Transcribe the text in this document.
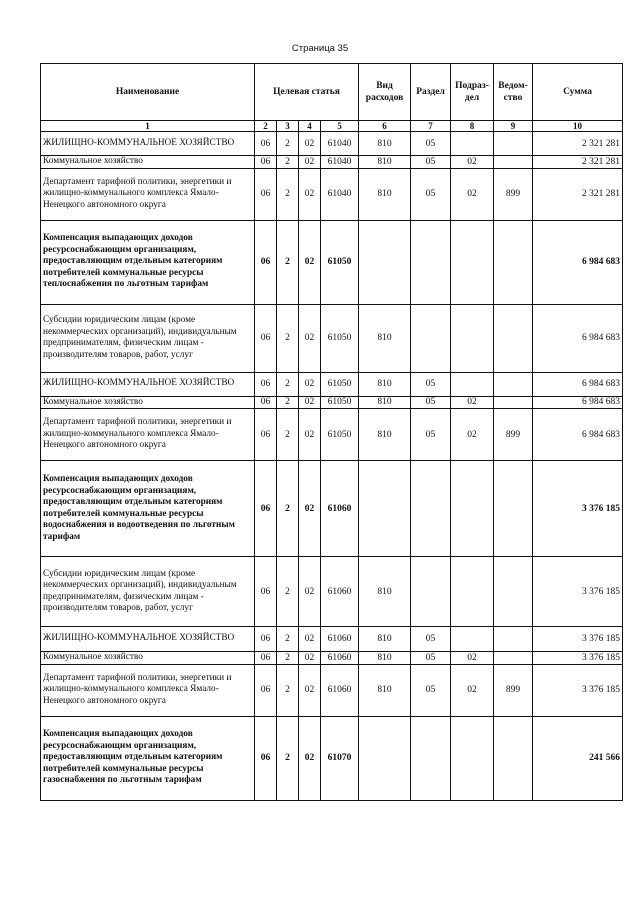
Страница 35
Наименование	Целевая статья				Вид расходов	Раздел	Подраз-дел	Ведом-ство	Сумма
1	2	3	4	5	6	7	8	9	10
ЖИЛИЩНО-КОММУНАЛЬНОЕ ХОЗЯЙСТВО	06	2	02	61040	810	05			2 321 281
Коммунальное хозяйство	06	2	02	61040	810	05	02		2 321 281
Департамент тарифной политики, энергетики и жилищно-коммунального комплекса Ямало-Ненецкого автономного округа	06	2	02	61040	810	05	02	899	2 321 281
Компенсация выпадающих доходов ресурсоснабжающим организациям, предоставляющим отдельным категориям потребителей коммунальные ресурсы теплоснабжения по льготным тарифам	06	2	02	61050					6 984 683
Субсидии юридическим лицам (кроме некоммерческих организаций), индивидуальным предпринимателям, физическим лицам - производителям товаров, работ, услуг	06	2	02	61050	810				6 984 683
ЖИЛИЩНО-КОММУНАЛЬНОЕ ХОЗЯЙСТВО	06	2	02	61050	810	05			6 984 683
Коммунальное хозяйство	06	2	02	61050	810	05	02		6 984 683
Департамент тарифной политики, энергетики и жилищно-коммунального комплекса Ямало-Ненецкого автономного округа	06	2	02	61050	810	05	02	899	6 984 683
Компенсация выпадающих доходов ресурсоснабжающим организациям, предоставляющим отдельным категориям потребителей коммунальные ресурсы водоснабжения и водоотведения по льготным тарифам	06	2	02	61060					3 376 185
Субсидии юридическим лицам (кроме некоммерческих организаций), индивидуальным предпринимателям, физическим лицам - производителям товаров, работ, услуг	06	2	02	61060	810				3 376 185
ЖИЛИЩНО-КОММУНАЛЬНОЕ ХОЗЯЙСТВО	06	2	02	61060	810	05			3 376 185
Коммунальное хозяйство	06	2	02	61060	810	05	02		3 376 185
Департамент тарифной политики, энергетики и жилищно-коммунального комплекса Ямало-Ненецкого автономного округа	06	2	02	61060	810	05	02	899	3 376 185
Компенсация выпадающих доходов ресурсоснабжающим организациям, предоставляющим отдельным категориям потребителей коммунальные ресурсы газоснабжения по льготным тарифам	06	2	02	61070					241 566
